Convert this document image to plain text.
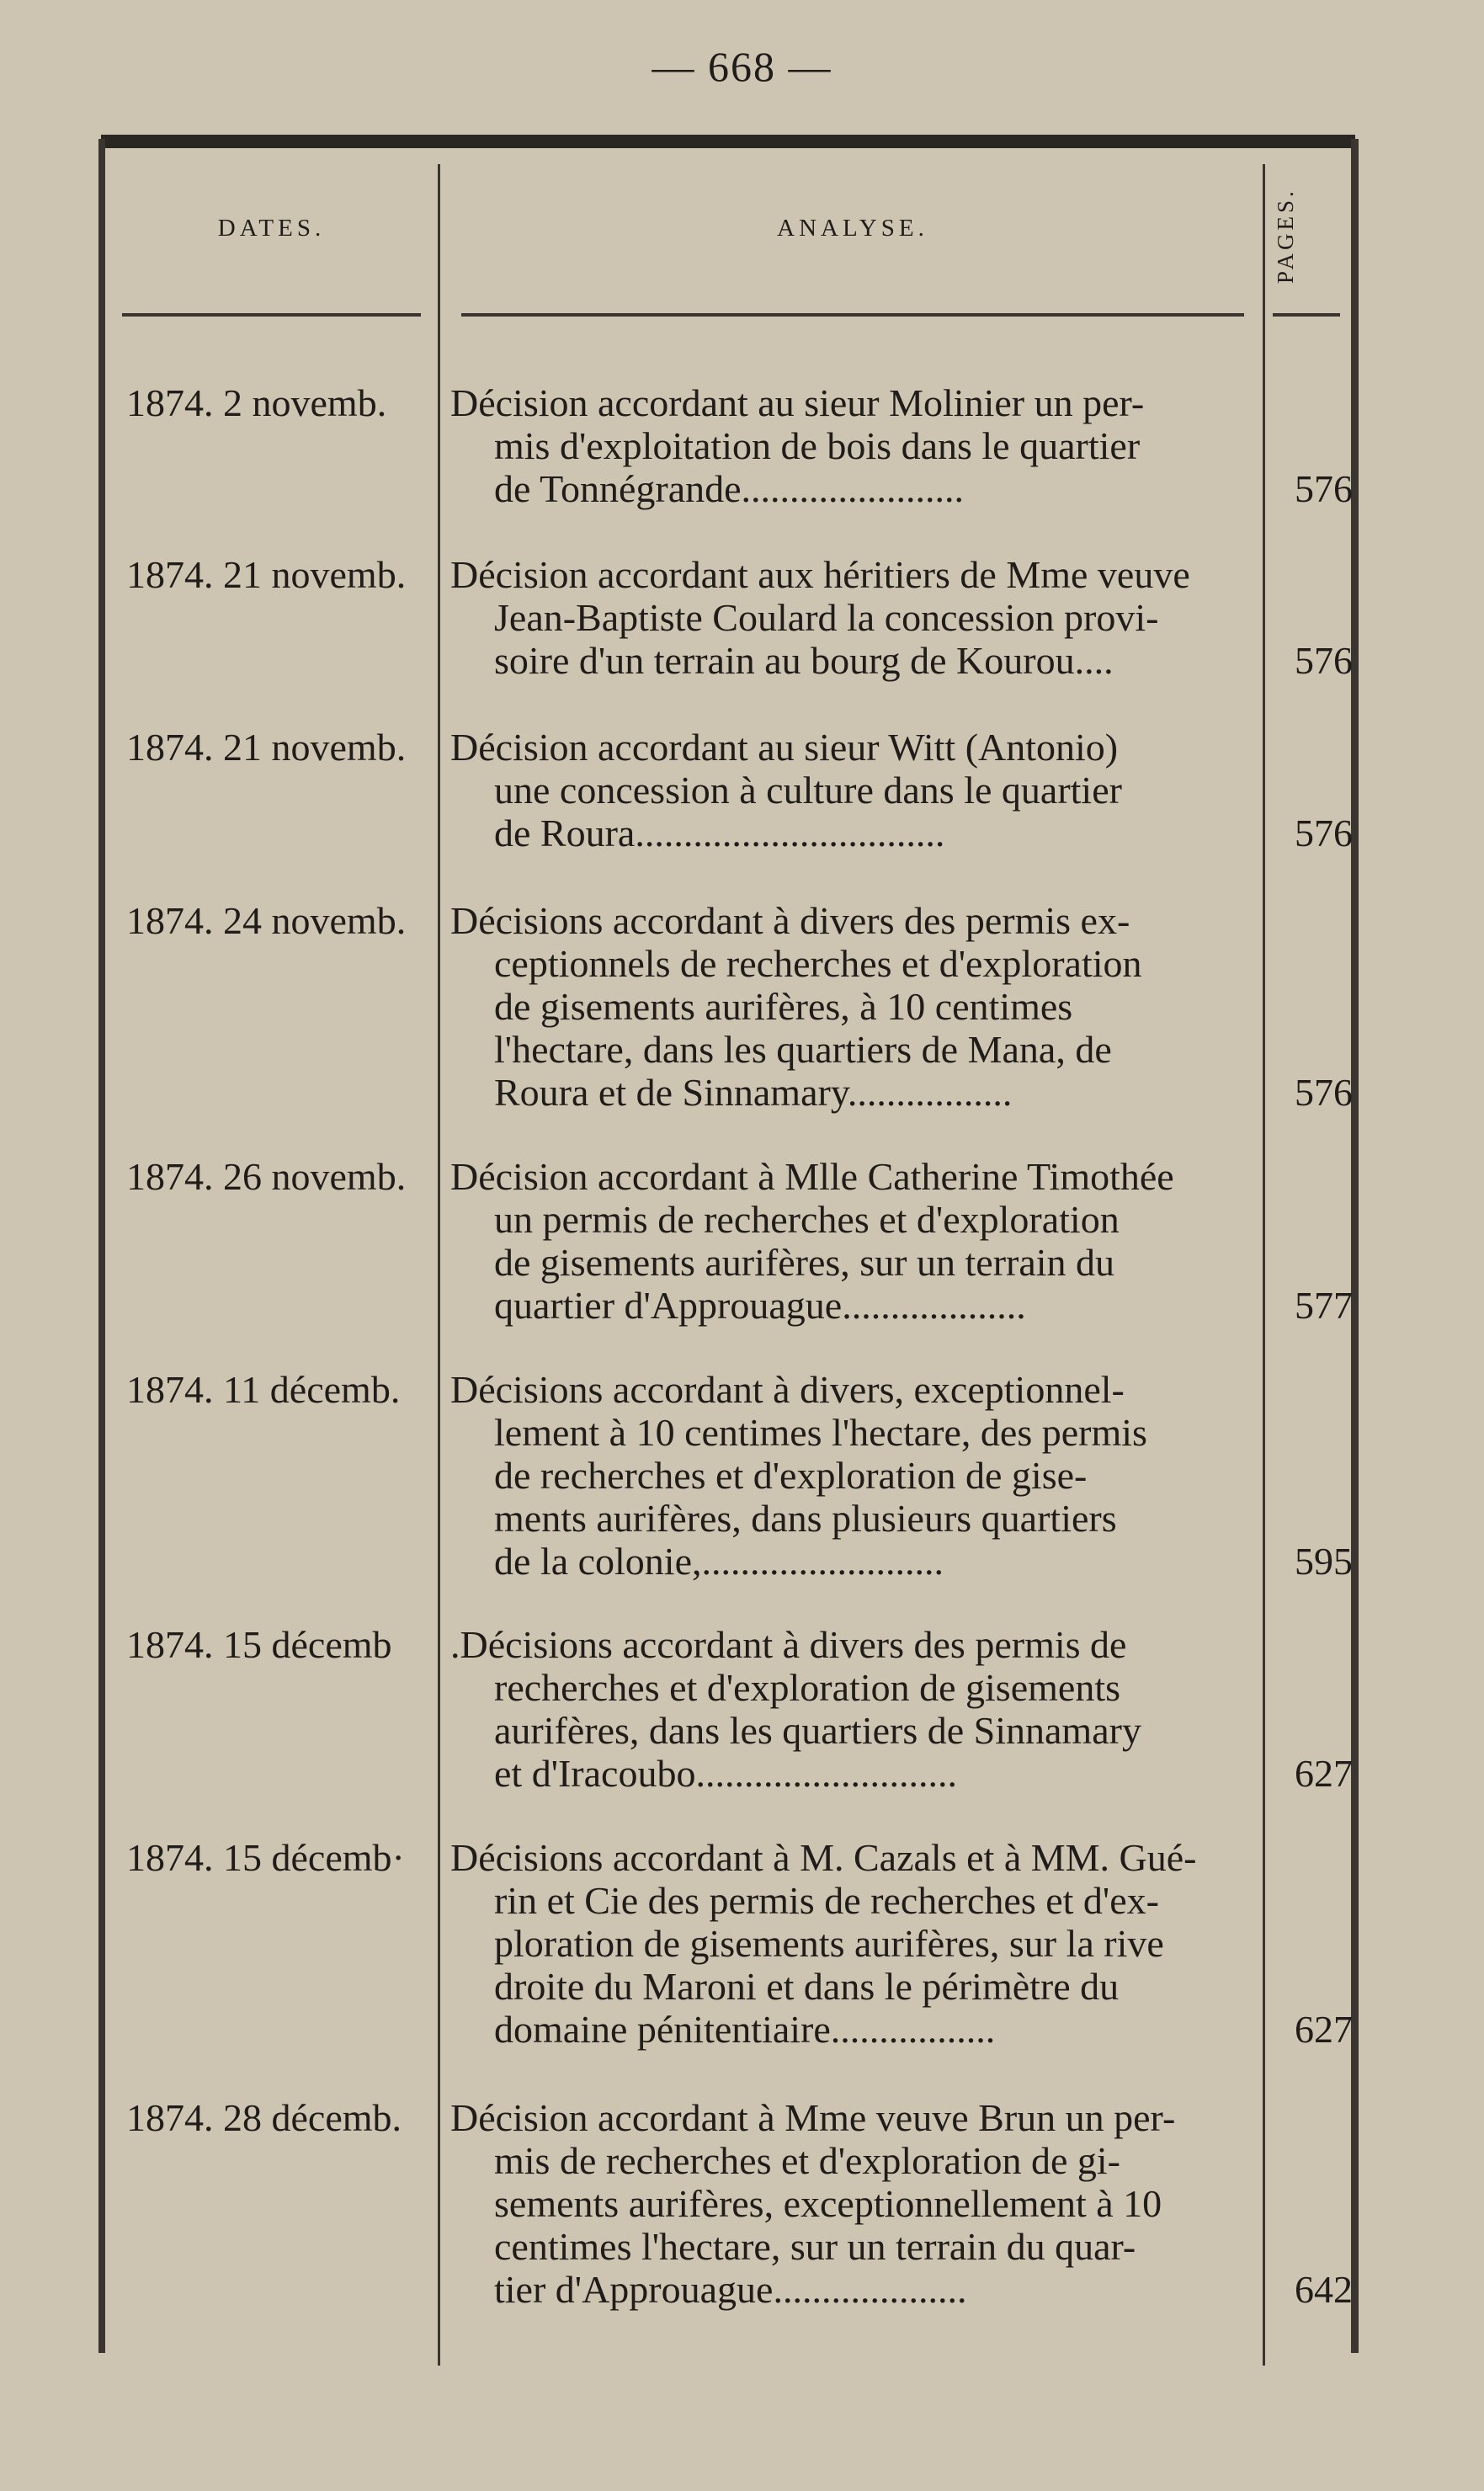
— 668 —
DATES.	ANALYSE.	PAGES.
1874. 2 novemb.	Décision accordant au sieur Molinier un per-
mis d'exploitation de bois dans le quartier
de Tonnégrande.......................	576
1874. 21 novemb.	Décision accordant aux héritiers de Mme veuve
Jean-Baptiste Coulard la concession provi-
soire d'un terrain au bourg de Kourou....	576
1874. 21 novemb.	Décision accordant au sieur Witt (Antonio)
une concession à culture dans le quartier
de Roura................................	576
1874. 24 novemb.	Décisions accordant à divers des permis ex-
ceptionnels de recherches et d'exploration
de gisements aurifères, à 10 centimes
l'hectare, dans les quartiers de Mana, de
Roura et de Sinnamary.................	576
1874. 26 novemb.	Décision accordant à Mlle Catherine Timothée
un permis de recherches et d'exploration
de gisements aurifères, sur un terrain du
quartier d'Approuague...................	577
1874. 11 décemb.	Décisions accordant à divers, exceptionnel-
lement à 10 centimes l'hectare, des permis
de recherches et d'exploration de gise-
ments aurifères, dans plusieurs quartiers
de la colonie,.........................	595
1874. 15 décemb	.Décisions accordant à divers des permis de
recherches et d'exploration de gisements
aurifères, dans les quartiers de Sinnamary
et d'Iracoubo...........................	627
1874. 15 décemb·	Décisions accordant à M. Cazals et à MM. Gué-
rin et Cie des permis de recherches et d'ex-
ploration de gisements aurifères, sur la rive
droite du Maroni et dans le périmètre du
domaine pénitentiaire.................	627
1874. 28 décemb.	Décision accordant à Mme veuve Brun un per-
mis de recherches et d'exploration de gi-
sements aurifères, exceptionnellement à 10
centimes l'hectare, sur un terrain du quar-
tier d'Approuague....................	642
